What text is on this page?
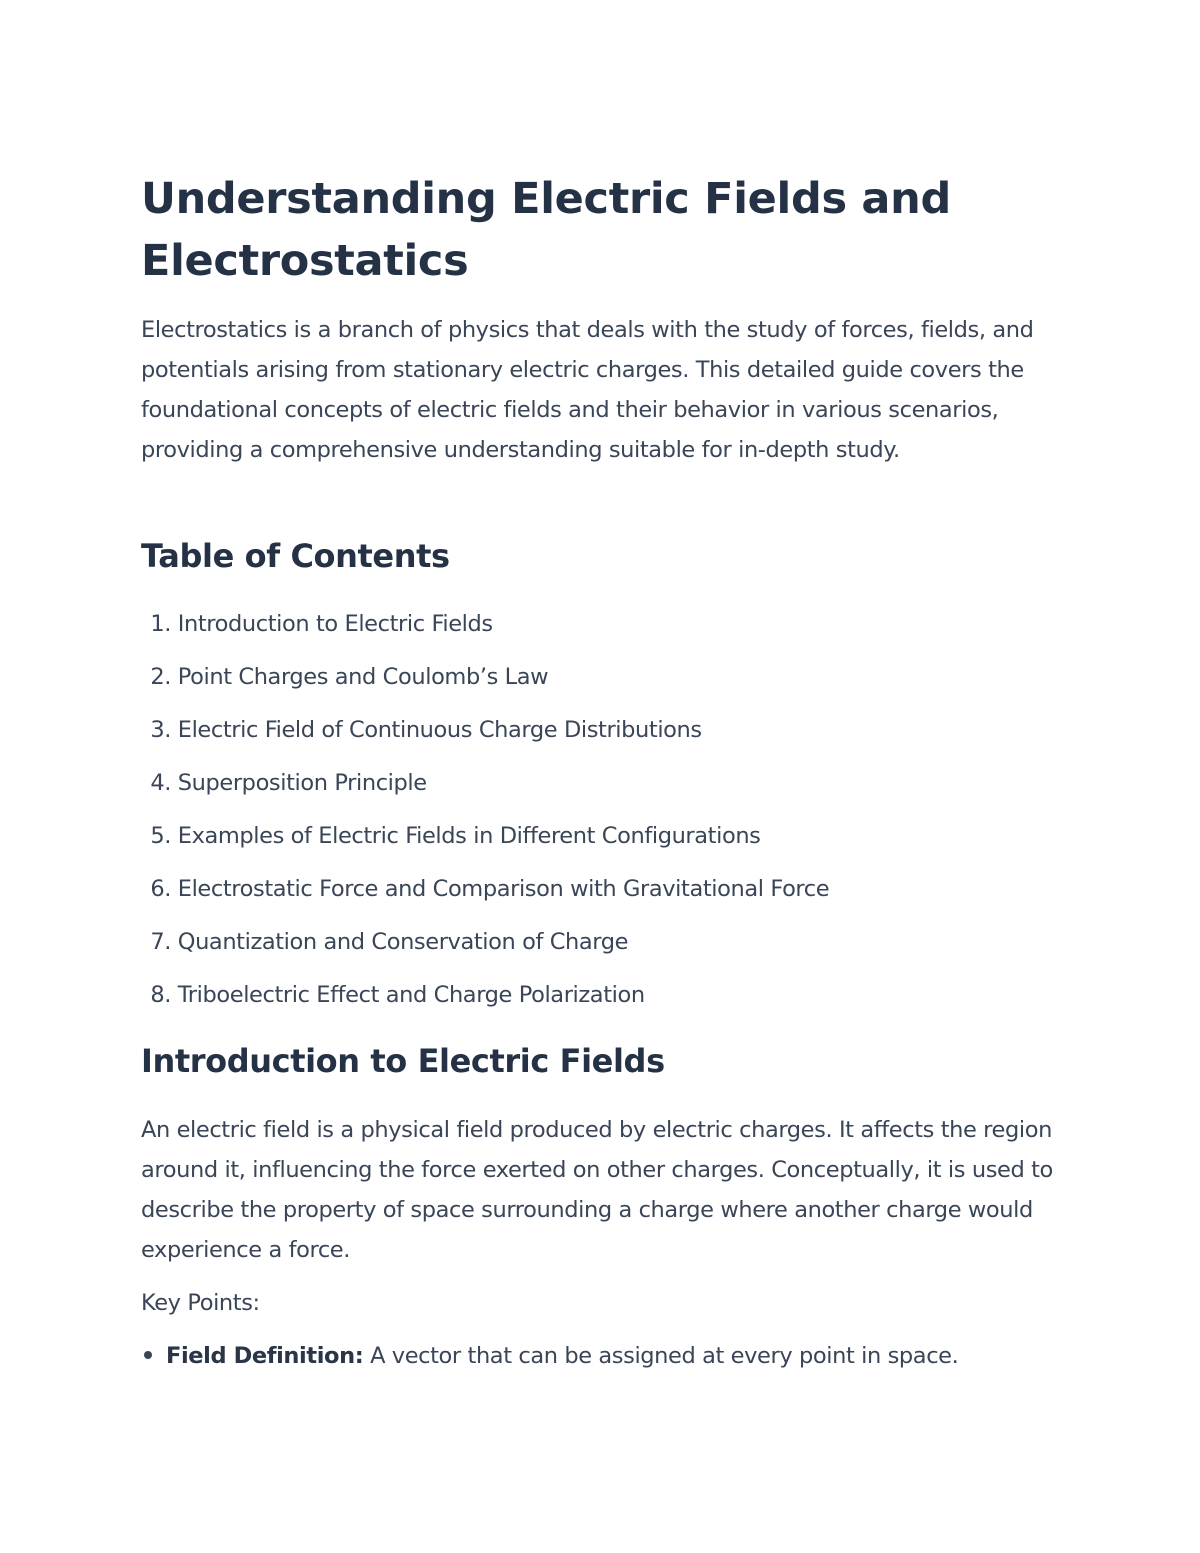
Understanding Electric Fields and Electrostatics

Electrostatics is a branch of physics that deals with the study of forces, fields, and potentials arising from stationary electric charges. This detailed guide covers the foundational concepts of electric fields and their behavior in various scenarios, providing a comprehensive understanding suitable for in-depth study.

Table of Contents
1. Introduction to Electric Fields
2. Point Charges and Coulomb’s Law
3. Electric Field of Continuous Charge Distributions
4. Superposition Principle
5. Examples of Electric Fields in Different Configurations
6. Electrostatic Force and Comparison with Gravitational Force
7. Quantization and Conservation of Charge
8. Triboelectric Effect and Charge Polarization
Introduction to Electric Fields

An electric field is a physical field produced by electric charges. It affects the region around it, influencing the force exerted on other charges. Conceptually, it is used to describe the property of space surrounding a charge where another charge would experience a force.

Key Points:

Field Definition: A vector that can be assigned at every point in space.
